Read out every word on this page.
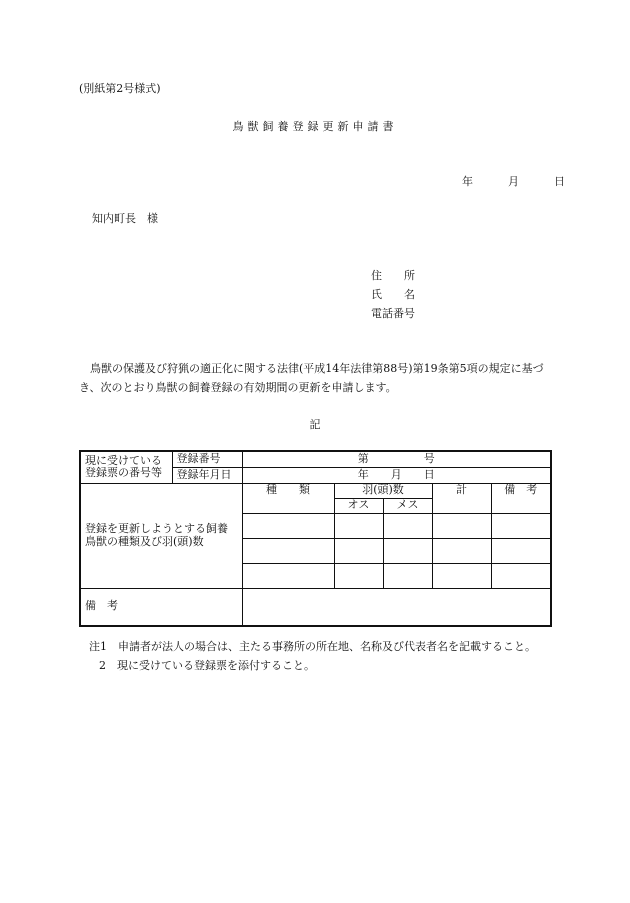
(別紙第2号様式)
鳥獣飼養登録更新申請書
年	月	日
知内町長　様
住　　所
氏　　名
電話番号
鳥獣の保護及び狩猟の適正化に関する法律(平成14年法律第88号)第19条第5項の規定に基づき、次のとおり鳥獣の飼養登録の有効期間の更新を申請します。
記
現に受けている
登録票の番号等	登録番号	第　　　　　号				
	登録年月日	年　　月　　日				
登録を更新しようとする飼養鳥獣の種類及び羽(頭)数		種　　類	羽(頭)数		計	備　考
			オス	メス		

備　考						
注1　申請者が法人の場合は、主たる事務所の所在地、名称及び代表者名を記載すること。
2　現に受けている登録票を添付すること。
